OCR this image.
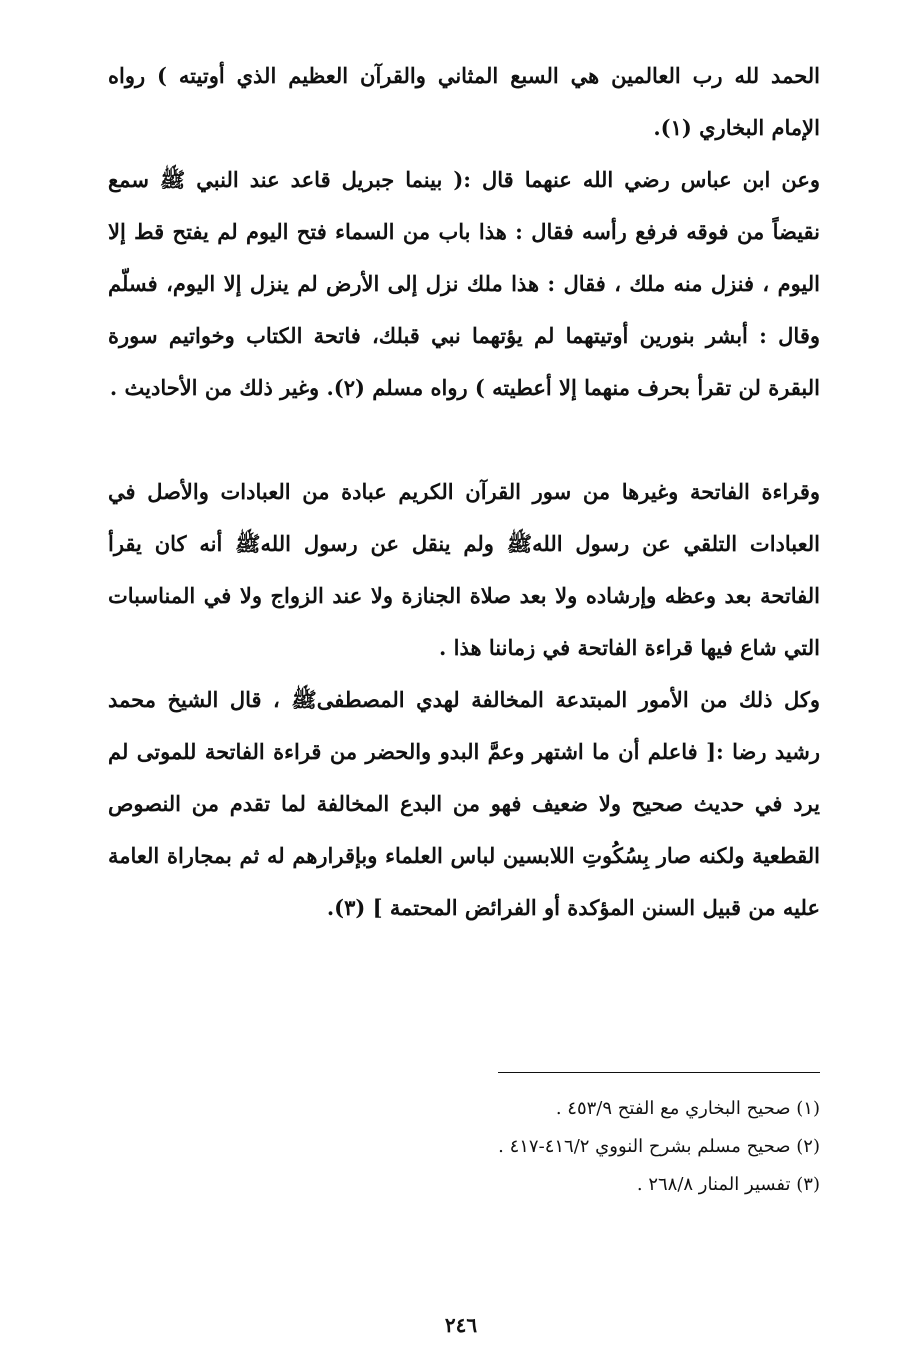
الحمد لله رب العالمين هي السبع المثاني والقرآن العظيم الذي أوتيته ) رواه الإمام البخاري (١).

وعن ابن عباس رضي الله عنهما قال :( بينما جبريل قاعد عند النبي ﷺ سمع نقيضاً من فوقه فرفع رأسه فقال : هذا باب من السماء فتح اليوم لم يفتح قط إلا اليوم ، فنزل منه ملك ، فقال : هذا ملك نزل إلى الأرض لم ينزل إلا اليوم، فسلّم وقال : أبشر بنورين أوتيتهما لم يؤتهما نبي قبلك، فاتحة الكتاب وخواتيم سورة البقرة لن تقرأ بحرف منهما إلا أعطيته ) رواه مسلم (٢). وغير ذلك من الأحاديث .

وقراءة الفاتحة وغيرها من سور القرآن الكريم عبادة من العبادات والأصل في العبادات التلقي عن رسول اللهﷺ ولم ينقل عن رسول اللهﷺ أنه كان يقرأ الفاتحة بعد وعظه وإرشاده ولا بعد صلاة الجنازة ولا عند الزواج ولا في المناسبات التي شاع فيها قراءة الفاتحة في زماننا هذا .

وكل ذلك من الأمور المبتدعة المخالفة لهدي المصطفىﷺ ، قال الشيخ محمد رشيد رضا :[ فاعلم أن ما اشتهر وعمَّ البدو والحضر من قراءة الفاتحة للموتى لم يرد في حديث صحيح ولا ضعيف فهو من البدع المخالفة لما تقدم من النصوص القطعية ولكنه صار بِسُكُوتِ اللابسين لباس العلماء وبإقرارهم له ثم بمجاراة العامة عليه من قبيل السنن المؤكدة أو الفرائض المحتمة ] (٣).

(١) صحيح البخاري مع الفتح ٤٥٣/٩ .
(٢) صحيح مسلم بشرح النووي ٤١٦/٢-٤١٧ .
(٣) تفسير المنار ٢٦٨/٨ .
٢٤٦
